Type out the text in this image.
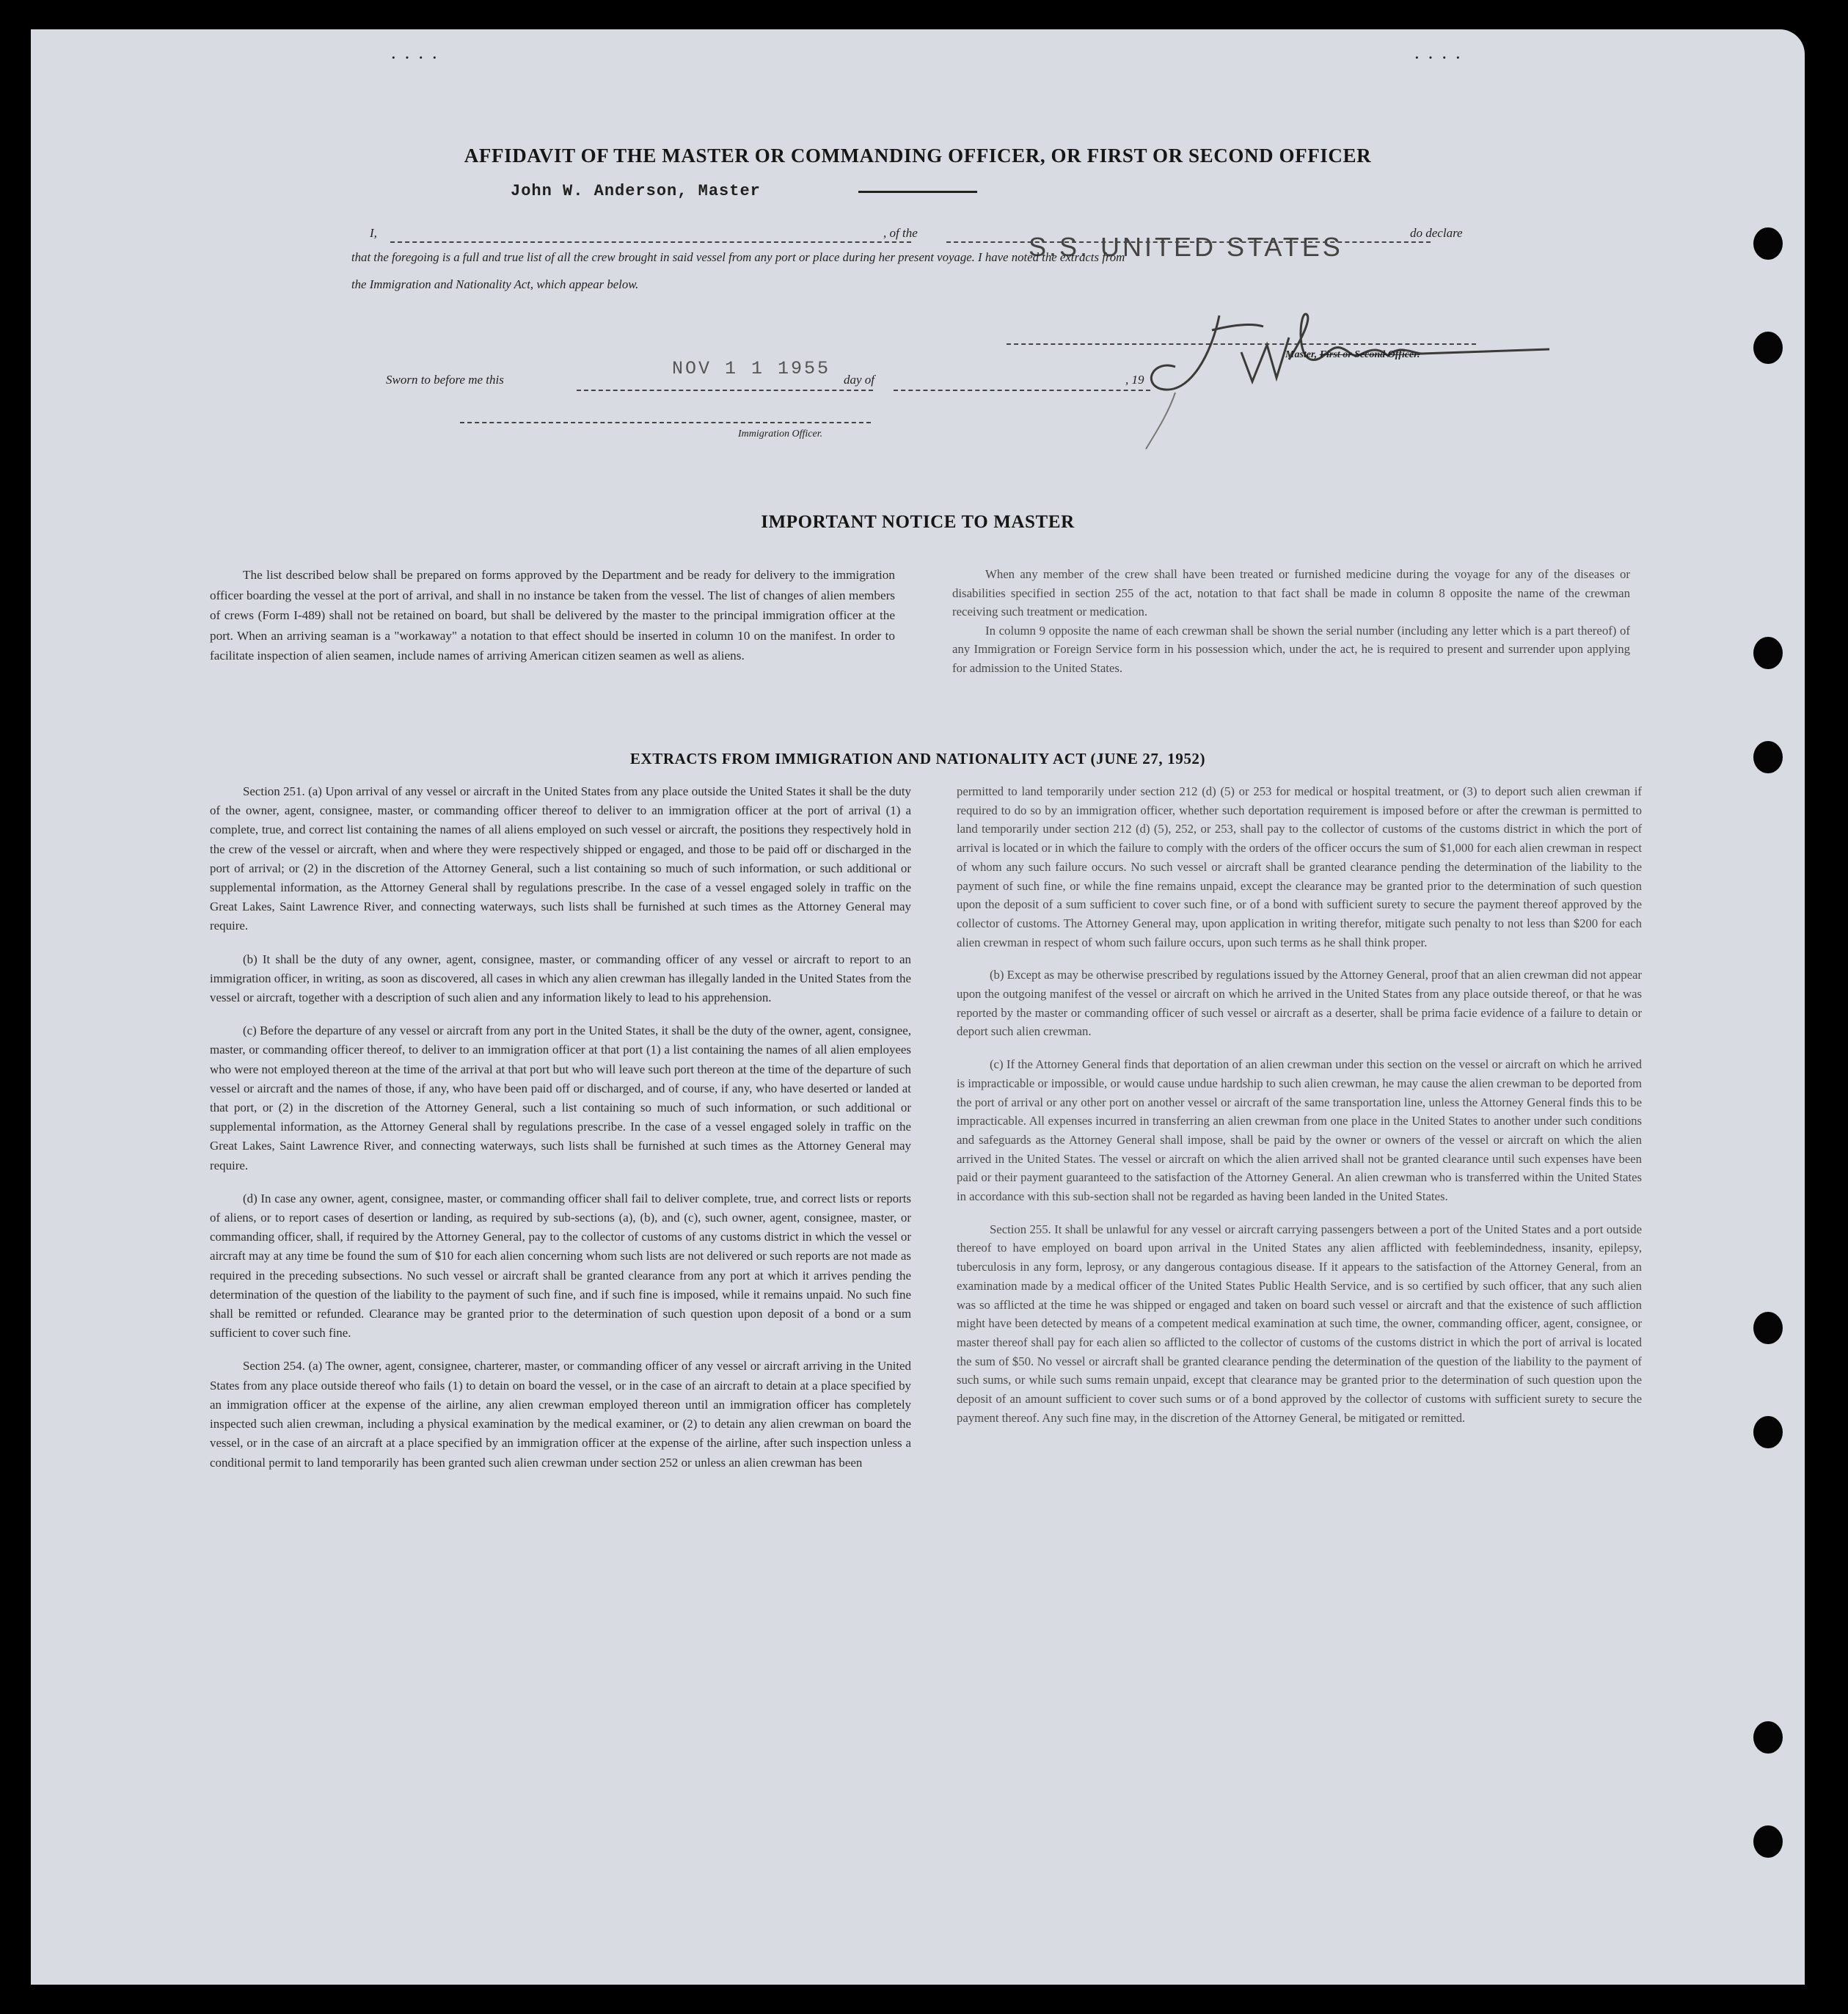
····	····
AFFIDAVIT OF THE MASTER OR COMMANDING OFFICER, OR FIRST OR SECOND OFFICER
John W. Anderson, Master
I,	, of the	S.S. UNITED STATES	do declare
that the foregoing is a full and true list of all the crew brought in said vessel from any port or place during her present voyage. I have noted the extracts from
the Immigration and Nationality Act, which appear below.
Master, First or Second Officer.
Sworn to before me this
NOV 1 1 1955
day of	, 19
Immigration Officer.
IMPORTANT NOTICE TO MASTER

The list described below shall be prepared on forms approved by the Department and be ready for delivery to the immigration officer boarding the vessel at the port of arrival, and shall in no instance be taken from the vessel. The list of changes of alien members of crews (Form I-489) shall not be retained on board, but shall be delivered by the master to the principal immigration officer at the port. When an arriving seaman is a "workaway" a notation to that effect should be inserted in column 10 on the manifest. In order to facilitate inspection of alien seamen, include names of arriving American citizen seamen as well as aliens.

When any member of the crew shall have been treated or furnished medicine during the voyage for any of the diseases or disabilities specified in section 255 of the act, notation to that fact shall be made in column 8 opposite the name of the crewman receiving such treatment or medication.

In column 9 opposite the name of each crewman shall be shown the serial number (including any letter which is a part thereof) of any Immigration or Foreign Service form in his possession which, under the act, he is required to present and surrender upon applying for admission to the United States.

EXTRACTS FROM IMMIGRATION AND NATIONALITY ACT (JUNE 27, 1952)

Section 251. (a) Upon arrival of any vessel or aircraft in the United States from any place outside the United States it shall be the duty of the owner, agent, consignee, master, or commanding officer thereof to deliver to an immigration officer at the port of arrival (1) a complete, true, and correct list containing the names of all aliens employed on such vessel or aircraft, the positions they respectively hold in the crew of the vessel or aircraft, when and where they were respectively shipped or engaged, and those to be paid off or discharged in the port of arrival; or (2) in the discretion of the Attorney General, such a list containing so much of such information, or such additional or supplemental information, as the Attorney General shall by regulations prescribe. In the case of a vessel engaged solely in traffic on the Great Lakes, Saint Lawrence River, and connecting waterways, such lists shall be furnished at such times as the Attorney General may require.

(b) It shall be the duty of any owner, agent, consignee, master, or commanding officer of any vessel or aircraft to report to an immigration officer, in writing, as soon as discovered, all cases in which any alien crewman has illegally landed in the United States from the vessel or aircraft, together with a description of such alien and any information likely to lead to his apprehension.

(c) Before the departure of any vessel or aircraft from any port in the United States, it shall be the duty of the owner, agent, consignee, master, or commanding officer thereof, to deliver to an immigration officer at that port (1) a list containing the names of all alien employees who were not employed thereon at the time of the arrival at that port but who will leave such port thereon at the time of the departure of such vessel or aircraft and the names of those, if any, who have been paid off or discharged, and of course, if any, who have deserted or landed at that port, or (2) in the discretion of the Attorney General, such a list containing so much of such information, or such additional or supplemental information, as the Attorney General shall by regulations prescribe. In the case of a vessel engaged solely in traffic on the Great Lakes, Saint Lawrence River, and connecting waterways, such lists shall be furnished at such times as the Attorney General may require.

(d) In case any owner, agent, consignee, master, or commanding officer shall fail to deliver complete, true, and correct lists or reports of aliens, or to report cases of desertion or landing, as required by sub-sections (a), (b), and (c), such owner, agent, consignee, master, or commanding officer, shall, if required by the Attorney General, pay to the collector of customs of any customs district in which the vessel or aircraft may at any time be found the sum of $10 for each alien concerning whom such lists are not delivered or such reports are not made as required in the preceding subsections. No such vessel or aircraft shall be granted clearance from any port at which it arrives pending the determination of the question of the liability to the payment of such fine, and if such fine is imposed, while it remains unpaid. No such fine shall be remitted or refunded. Clearance may be granted prior to the determination of such question upon deposit of a bond or a sum sufficient to cover such fine.

Section 254. (a) The owner, agent, consignee, charterer, master, or commanding officer of any vessel or aircraft arriving in the United States from any place outside thereof who fails (1) to detain on board the vessel, or in the case of an aircraft to detain at a place specified by an immigration officer at the expense of the airline, any alien crewman employed thereon until an immigration officer has completely inspected such alien crewman, including a physical examination by the medical examiner, or (2) to detain any alien crewman on board the vessel, or in the case of an aircraft at a place specified by an immigration officer at the expense of the airline, after such inspection unless a conditional permit to land temporarily has been granted such alien crewman under section 252 or unless an alien crewman has been

permitted to land temporarily under section 212 (d) (5) or 253 for medical or hospital treatment, or (3) to deport such alien crewman if required to do so by an immigration officer, whether such deportation requirement is imposed before or after the crewman is permitted to land temporarily under section 212 (d) (5), 252, or 253, shall pay to the collector of customs of the customs district in which the port of arrival is located or in which the failure to comply with the orders of the officer occurs the sum of $1,000 for each alien crewman in respect of whom any such failure occurs. No such vessel or aircraft shall be granted clearance pending the determination of the liability to the payment of such fine, or while the fine remains unpaid, except the clearance may be granted prior to the determination of such question upon the deposit of a sum sufficient to cover such fine, or of a bond with sufficient surety to secure the payment thereof approved by the collector of customs. The Attorney General may, upon application in writing therefor, mitigate such penalty to not less than $200 for each alien crewman in respect of whom such failure occurs, upon such terms as he shall think proper.

(b) Except as may be otherwise prescribed by regulations issued by the Attorney General, proof that an alien crewman did not appear upon the outgoing manifest of the vessel or aircraft on which he arrived in the United States from any place outside thereof, or that he was reported by the master or commanding officer of such vessel or aircraft as a deserter, shall be prima facie evidence of a failure to detain or deport such alien crewman.

(c) If the Attorney General finds that deportation of an alien crewman under this section on the vessel or aircraft on which he arrived is impracticable or impossible, or would cause undue hardship to such alien crewman, he may cause the alien crewman to be deported from the port of arrival or any other port on another vessel or aircraft of the same transportation line, unless the Attorney General finds this to be impracticable. All expenses incurred in transferring an alien crewman from one place in the United States to another under such conditions and safeguards as the Attorney General shall impose, shall be paid by the owner or owners of the vessel or aircraft on which the alien arrived in the United States. The vessel or aircraft on which the alien arrived shall not be granted clearance until such expenses have been paid or their payment guaranteed to the satisfaction of the Attorney General. An alien crewman who is transferred within the United States in accordance with this sub-section shall not be regarded as having been landed in the United States.

Section 255. It shall be unlawful for any vessel or aircraft carrying passengers between a port of the United States and a port outside thereof to have employed on board upon arrival in the United States any alien afflicted with feeblemindedness, insanity, epilepsy, tuberculosis in any form, leprosy, or any dangerous contagious disease. If it appears to the satisfaction of the Attorney General, from an examination made by a medical officer of the United States Public Health Service, and is so certified by such officer, that any such alien was so afflicted at the time he was shipped or engaged and taken on board such vessel or aircraft and that the existence of such affliction might have been detected by means of a competent medical examination at such time, the owner, commanding officer, agent, consignee, or master thereof shall pay for each alien so afflicted to the collector of customs of the customs district in which the port of arrival is located the sum of $50. No vessel or aircraft shall be granted clearance pending the determination of the question of the liability to the payment of such sums, or while such sums remain unpaid, except that clearance may be granted prior to the determination of such question upon the deposit of an amount sufficient to cover such sums or of a bond approved by the collector of customs with sufficient surety to secure the payment thereof. Any such fine may, in the discretion of the Attorney General, be mitigated or remitted.
